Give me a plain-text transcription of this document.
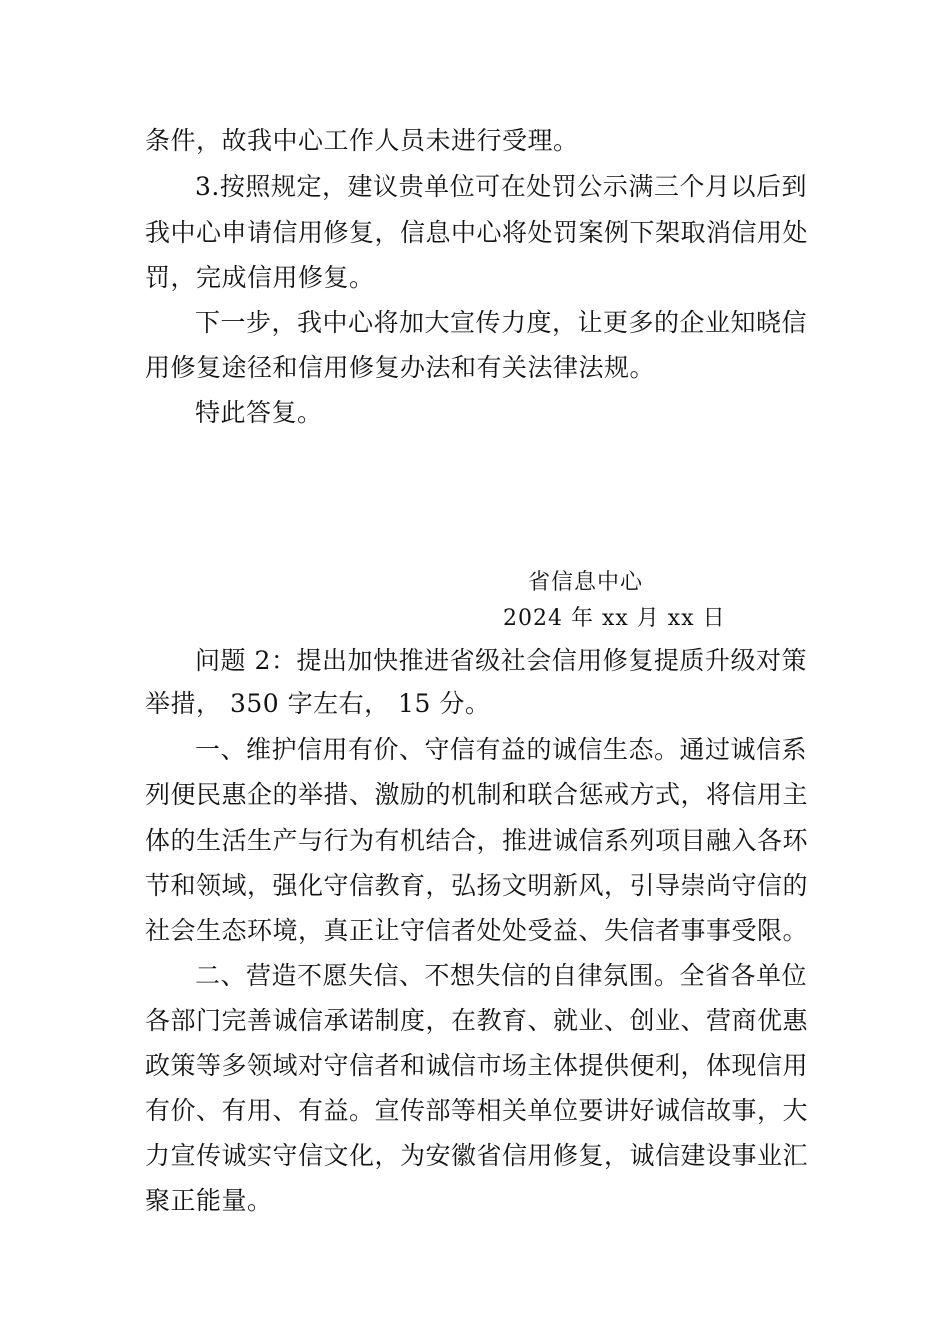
条件，故我中心工作人员未进行受理。
3.按照规定，建议贵单位可在处罚公示满三个月以后到
我中心申请信用修复，信息中心将处罚案例下架取消信用处
罚，完成信用修复。
下一步，我中心将加大宣传力度，让更多的企业知晓信
用修复途径和信用修复办法和有关法律法规。
特此答复。
省信息中心
2024 年 xx 月 xx 日
问题 2：提出加快推进省级社会信用修复提质升级对策
举措， 350 字左右， 15 分。
一、维护信用有价、守信有益的诚信生态。通过诚信系
列便民惠企的举措、激励的机制和联合惩戒方式，将信用主
体的生活生产与行为有机结合，推进诚信系列项目融入各环
节和领域，强化守信教育，弘扬文明新风，引导崇尚守信的
社会生态环境，真正让守信者处处受益、失信者事事受限。
二、营造不愿失信、不想失信的自律氛围。全省各单位
各部门完善诚信承诺制度，在教育、就业、创业、营商优惠
政策等多领域对守信者和诚信市场主体提供便利，体现信用
有价、有用、有益。宣传部等相关单位要讲好诚信故事，大
力宣传诚实守信文化，为安徽省信用修复，诚信建设事业汇
聚正能量。
